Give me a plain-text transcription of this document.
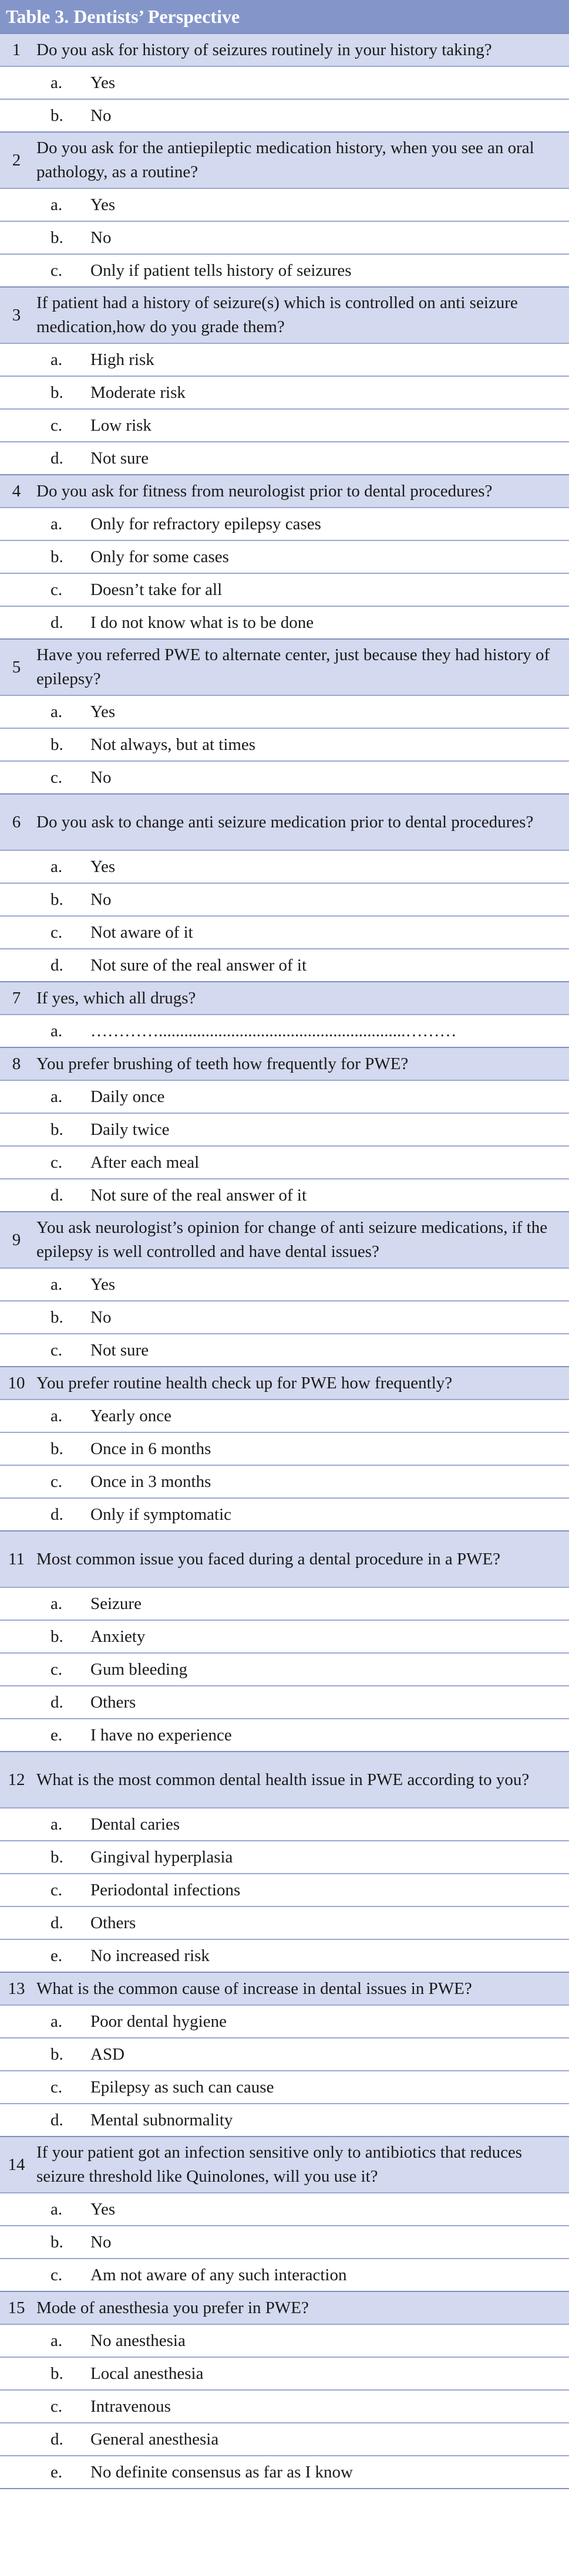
Table 3. Dentists’ Perspective
1 Do you ask for history of seizures routinely in your history taking?
a.	Yes
b.	No
2
Do you ask for the antiepileptic medication history, when you see an oral pathology, as a routine?
a.	Yes
b.	No
c.	Only if patient tells history of seizures
3
If patient had a history of seizure(s) which is controlled on anti seizure medication,how do you grade them?
a.	High risk
b.	Moderate risk
c.	Low risk
d.	Not sure
4 Do you ask for fitness from neurologist prior to dental procedures?
a.	Only for refractory epilepsy cases
b.	Only for some cases
c.	Doesn’t take for all
d.	I do not know what is to be done
5
Have you referred PWE to alternate center, just because they had history of epilepsy?
a.	Yes
b.	Not always, but at times
c.	No
6 Do you ask to change anti seizure medication prior to dental procedures?
a.	Yes
b.	No
c.	Not aware of it
d.	Not sure of the real answer of it
7 If yes, which all drugs?
a.	…………..........................................................………
8 You prefer brushing of teeth how frequently for PWE?
a.	Daily once
b.	Daily twice
c.	After each meal
d.	Not sure of the real answer of it
9
You ask neurologist’s opinion for change of anti seizure medications, if the epilepsy is well controlled and have dental issues?
a.	Yes
b.	No
c.	Not sure
10 You prefer routine health check up for PWE how frequently?
a.	Yearly once
b.	Once in 6 months
c.	Once in 3 months
d.	Only if symptomatic
11 Most common issue you faced during a dental procedure in a PWE?
a.	Seizure
b.	Anxiety
c.	Gum bleeding
d.	Others
e.	I have no experience
12 What is the most common dental health issue in PWE according to you?
a.	Dental caries
b.	Gingival hyperplasia
c.	Periodontal infections
d.	Others
e.	No increased risk
13 What is the common cause of increase in dental issues in PWE?
a.	Poor dental hygiene
b.	ASD
c.	Epilepsy as such can cause
d.	Mental subnormality
14
If your patient got an infection sensitive only to antibiotics that reduces seizure threshold like Quinolones, will you use it?
a.	Yes
b.	No
c.	Am not aware of any such interaction
15 Mode of anesthesia you prefer in PWE?
a.	No anesthesia
b.	Local anesthesia
c.	Intravenous
d.	General anesthesia
e.	No definite consensus as far as I know
